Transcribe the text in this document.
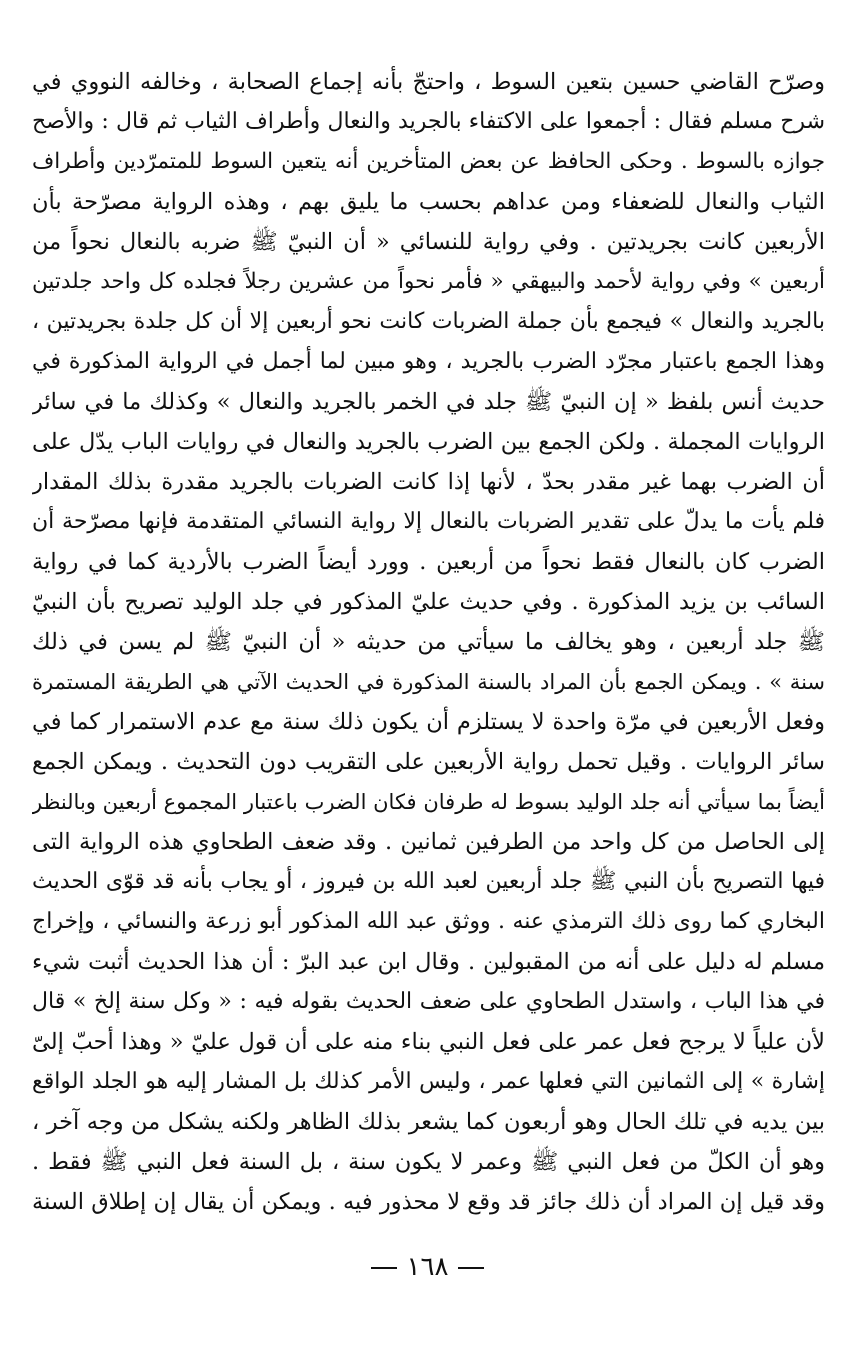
وصرّح القاضي حسين بتعين السوط ، واحتجّ بأنه إجماع الصحابة ، وخالفه النووي في
شرح مسلم فقال : أجمعوا على الاكتفاء بالجريد والنعال وأطراف الثياب ثم قال : والأصح
جوازه بالسوط . وحكى الحافظ عن بعض المتأخرين أنه يتعين السوط للمتمرّدين وأطراف
الثياب والنعال للضعفاء ومن عداهم بحسب ما يليق بهم ، وهذه الرواية مصرّحة بأن
الأربعين كانت بجريدتين . وفي رواية للنسائي « أن النبيّ ﷺ ضربه بالنعال نحواً من
أربعين » وفي رواية لأحمد والبيهقي « فأمر نحواً من عشرين رجلاً فجلده كل واحد جلدتين
بالجريد والنعال » فيجمع بأن جملة الضربات كانت نحو أربعين إلا أن كل جلدة بجريدتين ،
وهذا الجمع باعتبار مجرّد الضرب بالجريد ، وهو مبين لما أجمل في الرواية المذكورة في
حديث أنس بلفظ « إن النبيّ ﷺ جلد في الخمر بالجريد والنعال » وكذلك ما في سائر
الروايات المجملة . ولكن الجمع بين الضرب بالجريد والنعال في روايات الباب يدّل على
أن الضرب بهما غير مقدر بحدّ ، لأنها إذا كانت الضربات بالجريد مقدرة بذلك المقدار
فلم يأت ما يدلّ على تقدير الضربات بالنعال إلا رواية النسائي المتقدمة فإنها مصرّحة أن
الضرب كان بالنعال فقط نحواً من أربعين . وورد أيضاً الضرب بالأردية كما في رواية
السائب بن يزيد المذكورة . وفي حديث عليّ المذكور في جلد الوليد تصريح بأن النبيّ
ﷺ جلد أربعين ، وهو يخالف ما سيأتي من حديثه « أن النبيّ ﷺ لم يسن في ذلك
سنة » . ويمكن الجمع بأن المراد بالسنة المذكورة في الحديث الآتي هي الطريقة المستمرة
وفعل الأربعين في مرّة واحدة لا يستلزم أن يكون ذلك سنة مع عدم الاستمرار كما في
سائر الروايات . وقيل تحمل رواية الأربعين على التقريب دون التحديث . ويمكن الجمع
أيضاً بما سيأتي أنه جلد الوليد بسوط له طرفان فكان الضرب باعتبار المجموع أربعين وبالنظر
إلى الحاصل من كل واحد من الطرفين ثمانين . وقد ضعف الطحاوي هذه الرواية التى
فيها التصريح بأن النبي ﷺ جلد أربعين لعبد الله بن فيروز ، أو يجاب بأنه قد قوّى الحديث
البخاري كما روى ذلك الترمذي عنه . ووثق عبد الله المذكور أبو زرعة والنسائي ، وإخراج
مسلم له دليل على أنه من المقبولين . وقال ابن عبد البرّ : أن هذا الحديث أثبت شيء
في هذا الباب ، واستدل الطحاوي على ضعف الحديث بقوله فيه : « وكل سنة إلخ » قال
لأن علياً لا يرجح فعل عمر على فعل النبي بناء منه على أن قول عليّ « وهذا أحبّ إلىّ
إشارة » إلى الثمانين التي فعلها عمر ، وليس الأمر كذلك بل المشار إليه هو الجلد الواقع
بين يديه في تلك الحال وهو أربعون كما يشعر بذلك الظاهر ولكنه يشكل من وجه آخر ،
وهو أن الكلّ من فعل النبي ﷺ وعمر لا يكون سنة ، بل السنة فعل النبي ﷺ فقط .
وقد قيل إن المراد أن ذلك جائز قد وقع لا محذور فيه . ويمكن أن يقال إن إطلاق السنة
١٦٨
